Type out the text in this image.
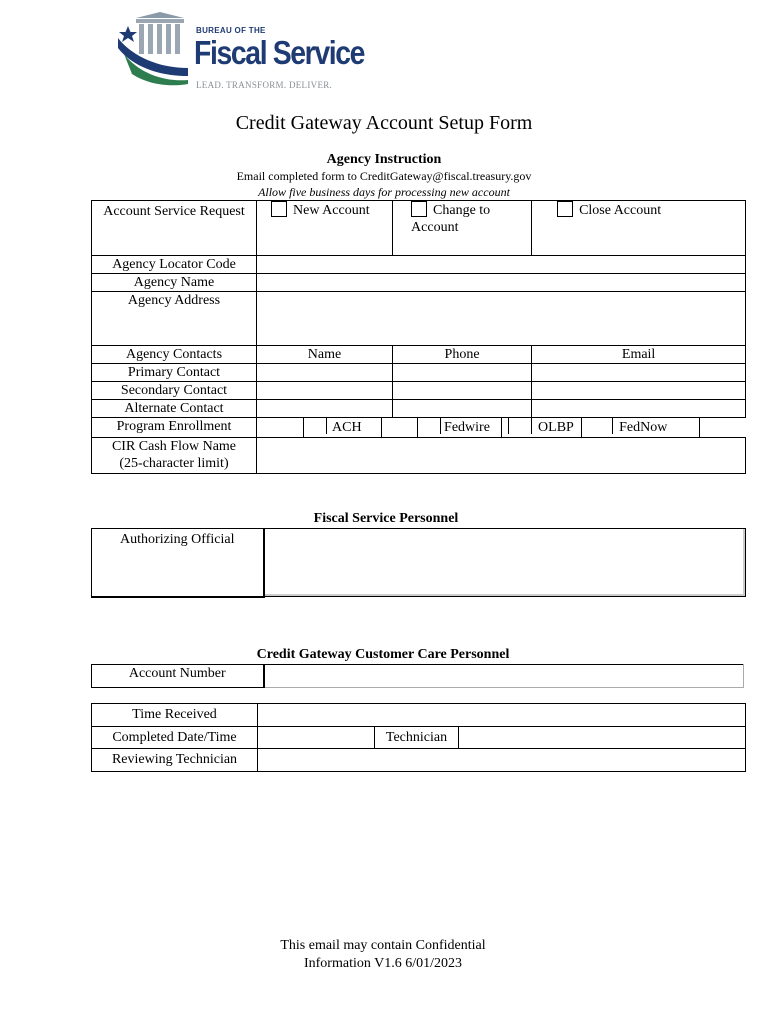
BUREAU OF THE
Fiscal Service
LEAD. TRANSFORM. DELIVER.
Credit Gateway Account Setup Form
Agency Instruction
Email completed form to CreditGateway@fiscal.treasury.gov
Allow five business days for processing new account
Account Service Request	New Account			Change to Account			Close Account	
Agency Locator Code								
Agency Name								
Agency Address								
Agency Contacts	Name			Phone			Email	
Primary Contact								
Secondary Contact								
Alternate Contact								
Program Enrollment		ACH			Fedwire	OLBP		FedNow
CIR Cash Flow Name
(25-character limit)								
Fiscal Service Personnel
Authorizing Official	
Credit Gateway Customer Care Personnel
Account Number	
Time Received			
Completed Date/Time		Technician	
Reviewing Technician			
This email may contain Confidential
Information V1.6 6/01/2023
